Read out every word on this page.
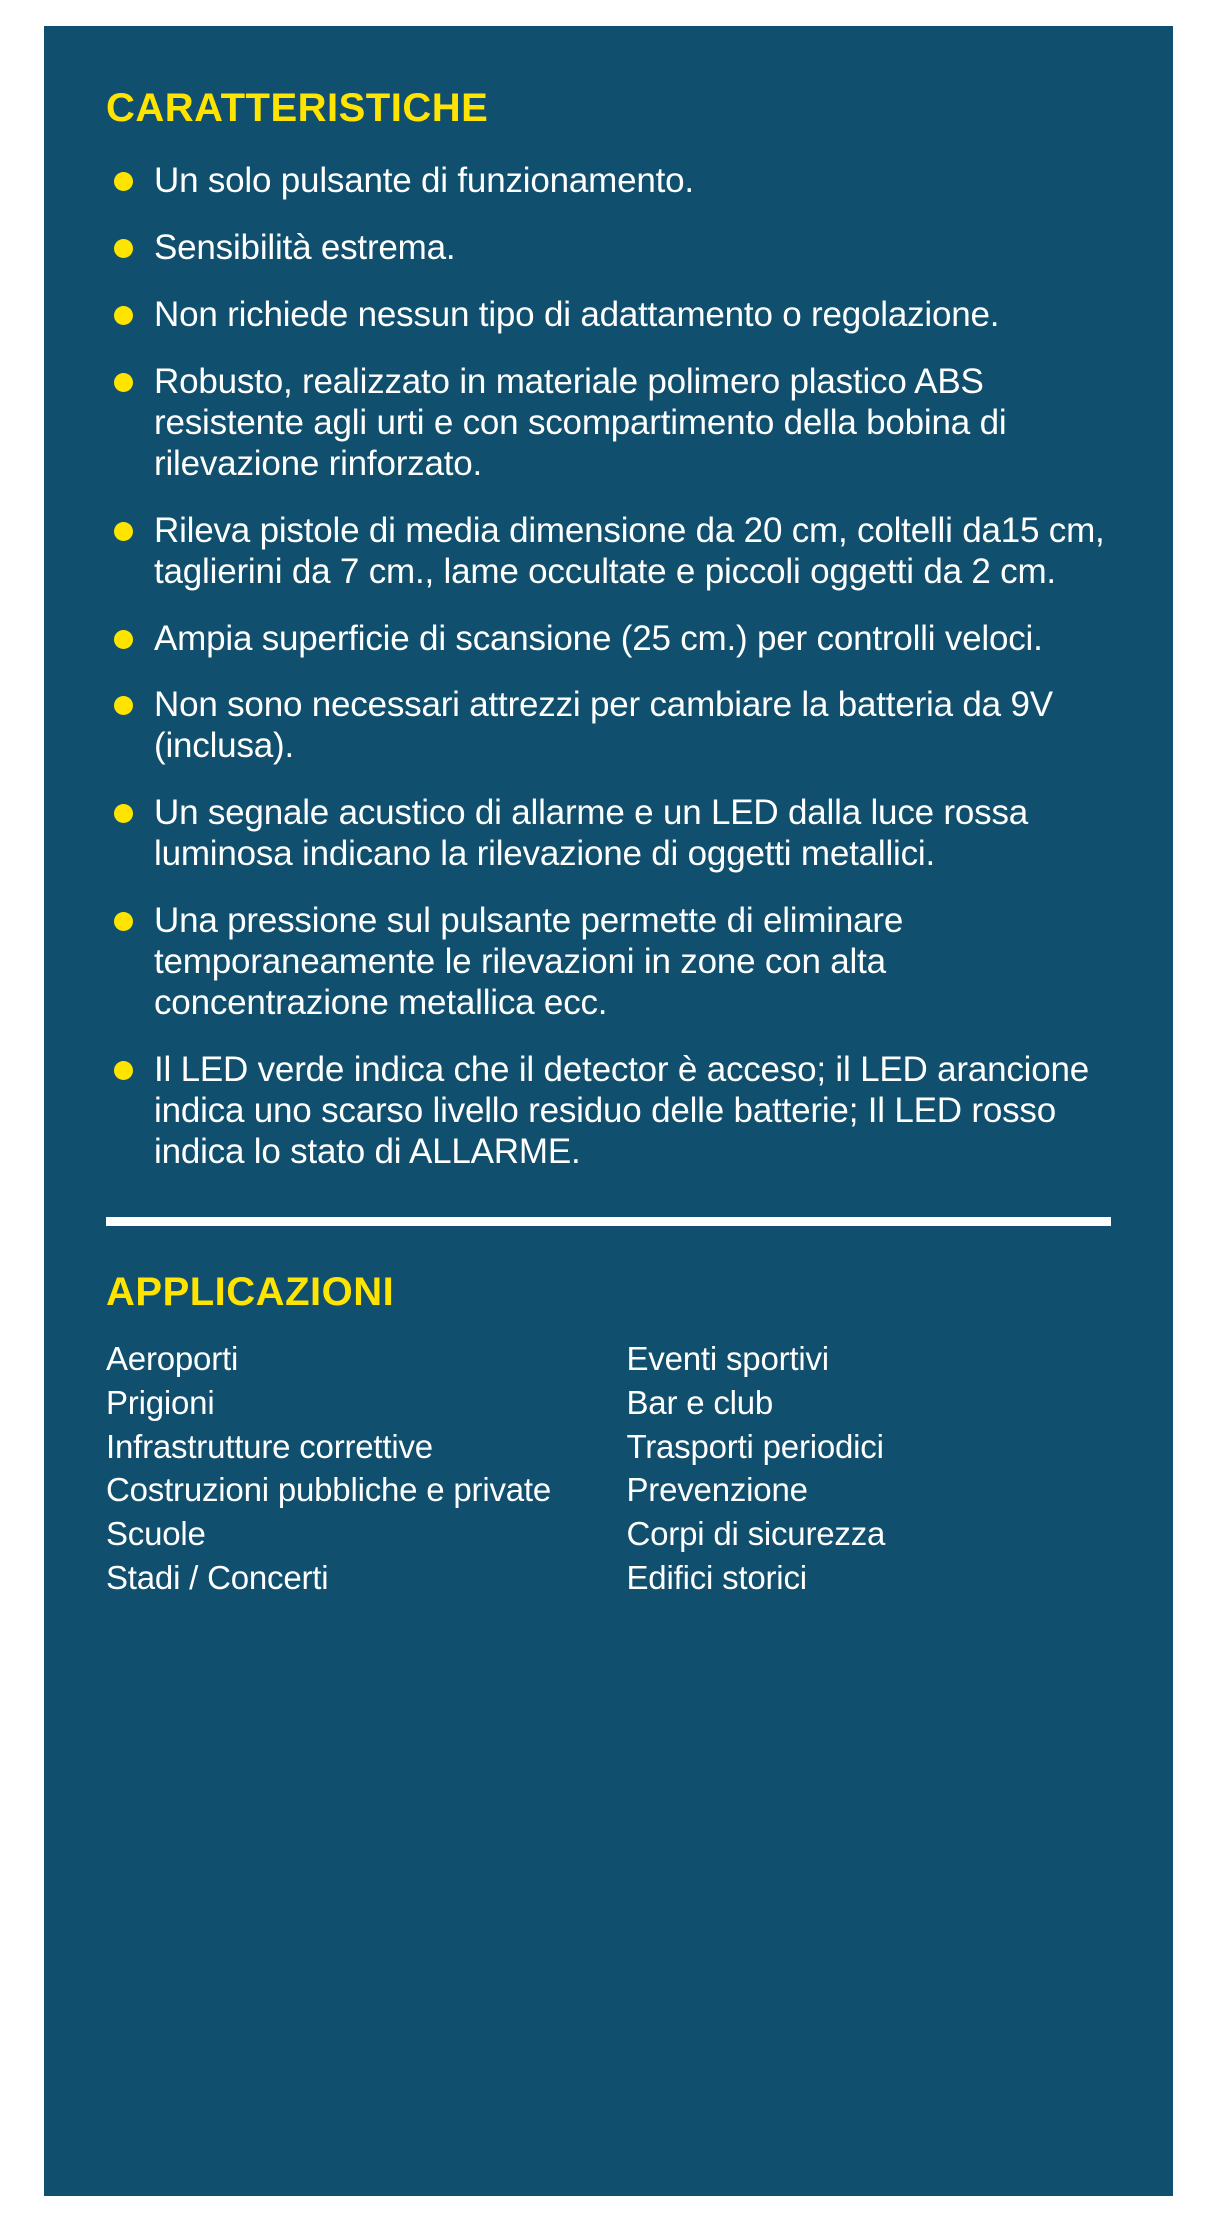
CARATTERISTICHE
Un solo pulsante di funzionamento.
Sensibilità estrema.
Non richiede nessun tipo di adattamento o regolazione.
Robusto, realizzato in materiale polimero plastico ABS resistente agli urti e con scompartimento della bobina di rilevazione rinforzato.
Rileva pistole di media dimensione da 20 cm, coltelli da15 cm, taglierini da 7 cm., lame occultate e piccoli oggetti da 2 cm.
Ampia superficie di scansione (25 cm.) per controlli veloci.
Non sono necessari attrezzi per cambiare la batteria da 9V (inclusa).
Un segnale acustico di allarme e un LED dalla luce rossa luminosa indicano la rilevazione di oggetti metallici.
Una pressione sul pulsante permette di eliminare temporaneamente le rilevazioni in zone con alta concentrazione metallica ecc.
Il LED verde indica che il detector è acceso; il LED arancione indica uno scarso livello residuo delle batterie; Il LED rosso indica lo stato di ALLARME.
APPLICAZIONI
Aeroporti
Prigioni
Infrastrutture correttive
Costruzioni pubbliche e private
Scuole
Stadi / Concerti
Eventi sportivi
Bar e club
Trasporti periodici
Prevenzione
Corpi di sicurezza
Edifici storici
